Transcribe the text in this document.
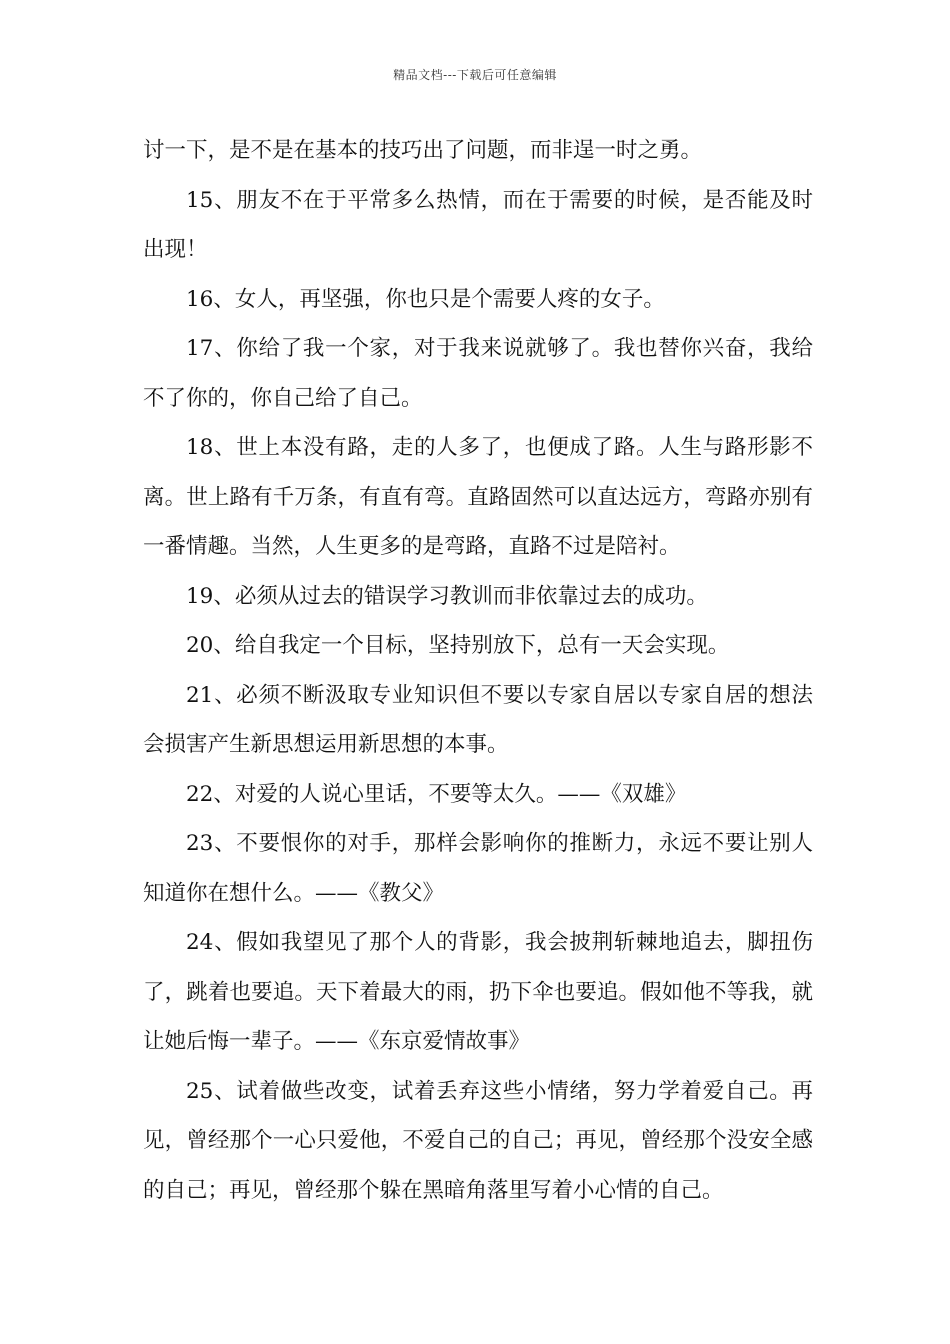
精品文档---下载后可任意编辑

讨一下，是不是在基本的技巧出了问题，而非逞一时之勇。

15、朋友不在于平常多么热情，而在于需要的时候，是否能及时出现！

16、女人，再坚强，你也只是个需要人疼的女子。

17、你给了我一个家，对于我来说就够了。我也替你兴奋，我给不了你的，你自己给了自己。

18、世上本没有路，走的人多了，也便成了路。人生与路形影不离。世上路有千万条，有直有弯。直路固然可以直达远方，弯路亦别有一番情趣。当然，人生更多的是弯路，直路不过是陪衬。

19、必须从过去的错误学习教训而非依靠过去的成功。

20、给自我定一个目标，坚持别放下，总有一天会实现。

21、必须不断汲取专业知识但不要以专家自居以专家自居的想法会损害产生新思想运用新思想的本事。

22、对爱的人说心里话，不要等太久。——《双雄》

23、不要恨你的对手，那样会影响你的推断力，永远不要让别人知道你在想什么。——《教父》

24、假如我望见了那个人的背影，我会披荆斩棘地追去，脚扭伤了，跳着也要追。天下着最大的雨，扔下伞也要追。假如他不等我，就让她后悔一辈子。——《东京爱情故事》

25、试着做些改变，试着丢弃这些小情绪，努力学着爱自己。再见，曾经那个一心只爱他，不爱自己的自己；再见，曾经那个没安全感的自己；再见，曾经那个躲在黑暗角落里写着小心情的自己。
